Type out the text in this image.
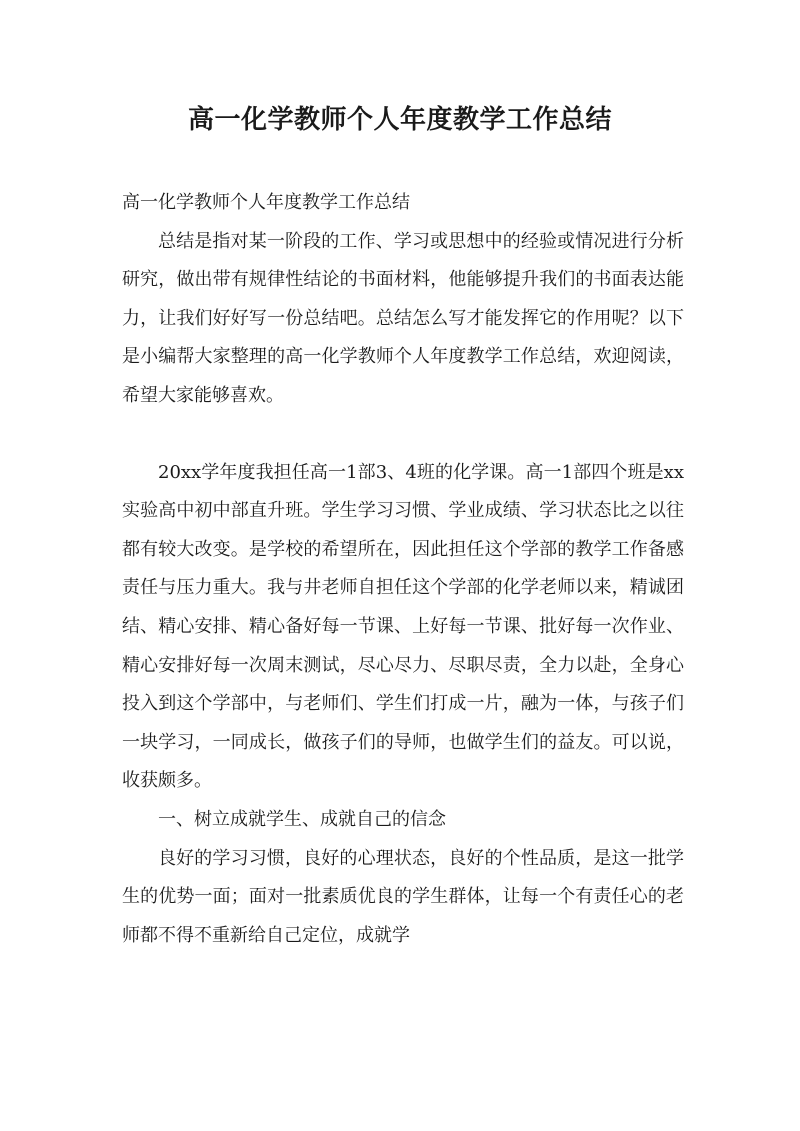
高一化学教师个人年度教学工作总结

高一化学教师个人年度教学工作总结

总结是指对某一阶段的工作、学习或思想中的经验或情况进行分析研究，做出带有规律性结论的书面材料，他能够提升我们的书面表达能力，让我们好好写一份总结吧。总结怎么写才能发挥它的作用呢？以下是小编帮大家整理的高一化学教师个人年度教学工作总结，欢迎阅读，希望大家能够喜欢。

20xx学年度我担任高一1部3、4班的化学课。高一1部四个班是xx实验高中初中部直升班。学生学习习惯、学业成绩、学习状态比之以往都有较大改变。是学校的希望所在，因此担任这个学部的教学工作备感责任与压力重大。我与井老师自担任这个学部的化学老师以来，精诚团结、精心安排、精心备好每一节课、上好每一节课、批好每一次作业、精心安排好每一次周末测试，尽心尽力、尽职尽责，全力以赴，全身心投入到这个学部中，与老师们、学生们打成一片，融为一体，与孩子们一块学习，一同成长，做孩子们的导师，也做学生们的益友。可以说，收获颇多。

一、树立成就学生、成就自己的信念

良好的学习习惯，良好的心理状态，良好的个性品质，是这一批学生的优势一面；面对一批素质优良的学生群体，让每一个有责任心的老师都不得不重新给自己定位，成就学
